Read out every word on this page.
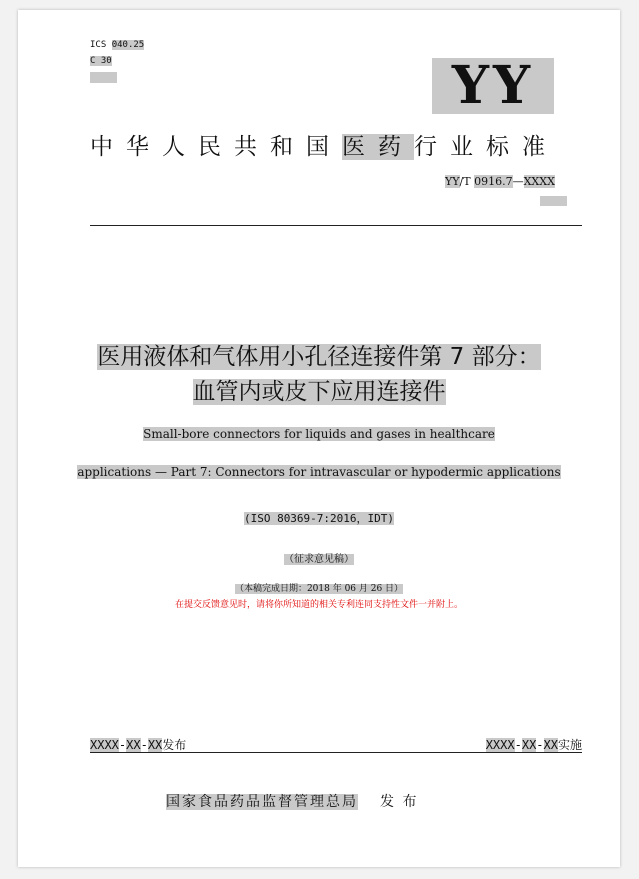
ICS 040.25
C 30	YY
中华人民共和国医药行业标准
YY/T 0916.7—XXXX
医用液体和气体用小孔径连接件第 7 部分：
血管内或皮下应用连接件
Small-bore connectors for liquids and gases in healthcare
applications — Part 7: Connectors for intravascular or hypodermic applications
(ISO 80369-7:2016，IDT)
（征求意见稿）
（本稿完成日期：2018 年 06 月 26 日）
在提交反馈意见时，请将你所知道的相关专利连同支持性文件一并附上。
XXXX-XX-XX发布	XXXX-XX-XX实施
国家食品药品监督管理总局 发 布
